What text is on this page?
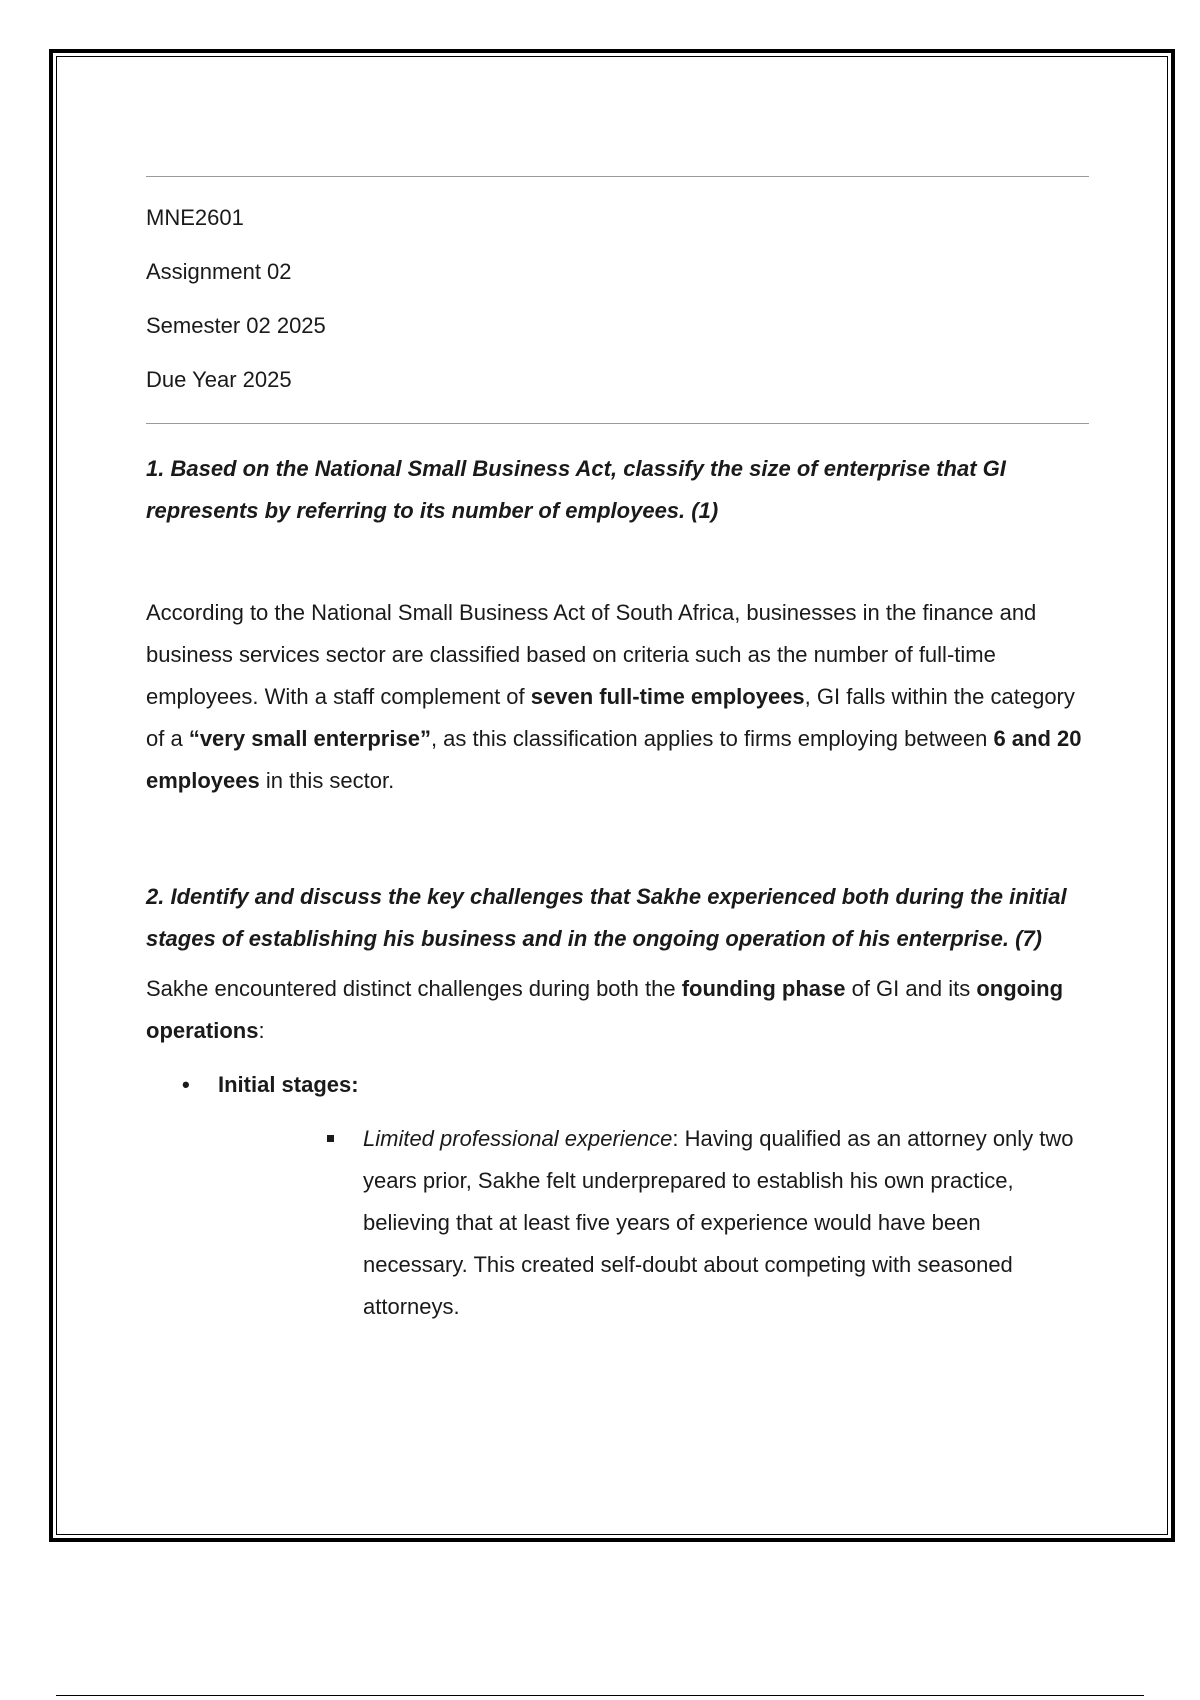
MNE2601

Assignment 02

Semester 02 2025

Due Year 2025

1. Based on the National Small Business Act, classify the size of enterprise that GI represents by referring to its number of employees. (1)

According to the National Small Business Act of South Africa, businesses in the finance and business services sector are classified based on criteria such as the number of full-time employees. With a staff complement of seven full-time employees, GI falls within the category of a “very small enterprise”, as this classification applies to firms employing between 6 and 20 employees in this sector.

2. Identify and discuss the key challenges that Sakhe experienced both during the initial stages of establishing his business and in the ongoing operation of his enterprise. (7)

Sakhe encountered distinct challenges during both the founding phase of GI and its ongoing operations:

• Initial stages:
Limited professional experience: Having qualified as an attorney only two years prior, Sakhe felt underprepared to establish his own practice, believing that at least five years of experience would have been necessary. This created self-doubt about competing with seasoned attorneys.
